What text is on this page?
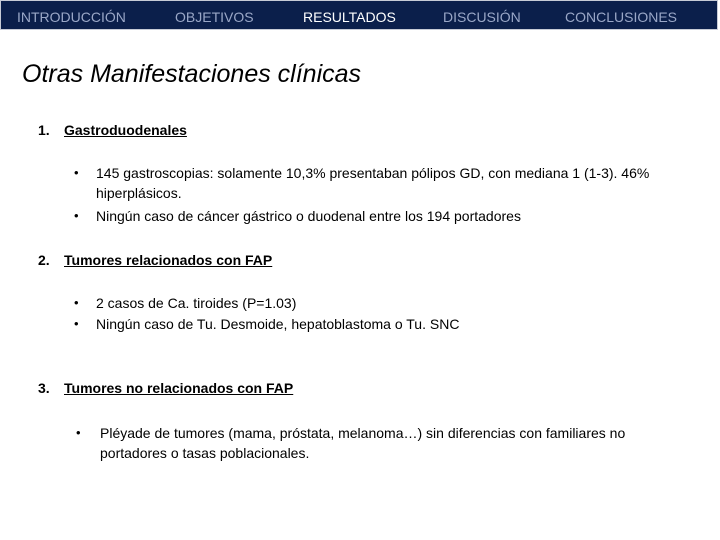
INTRODUCCIÓN	OBJETIVOS	RESULTADOS	DISCUSIÓN	CONCLUSIONES
Otras Manifestaciones clínicas
1. Gastroduodenales
• 145 gastroscopias: solamente 10,3% presentaban pólipos GD, con mediana 1 (1-3). 46% hiperplásicos.
• Ningún caso de cáncer gástrico o duodenal entre los 194 portadores
2. Tumores relacionados con FAP
• 2 casos de Ca. tiroides (P=1.03)
• Ningún caso de Tu. Desmoide, hepatoblastoma o Tu. SNC
3. Tumores no relacionados con FAP
• Pléyade de tumores (mama, próstata, melanoma…) sin diferencias con familiares no portadores o tasas poblacionales.
